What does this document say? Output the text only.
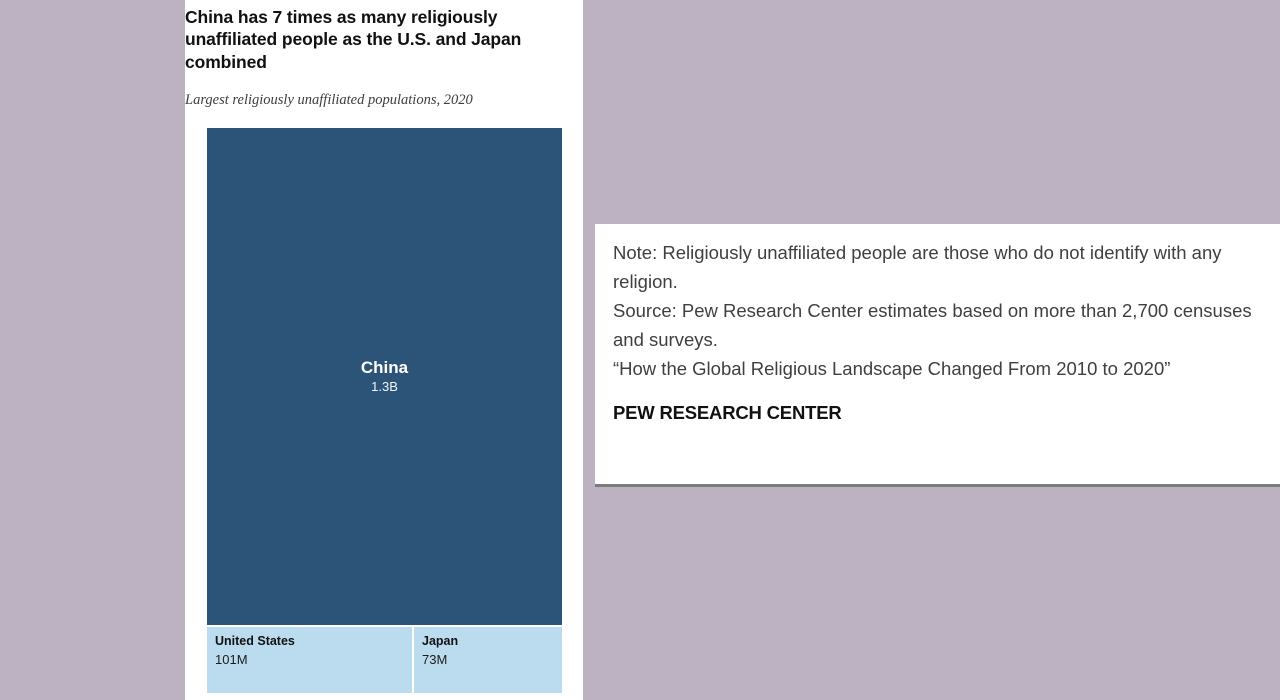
China has 7 times as many religiously unaffiliated people as the U.S. and Japan combined
Largest religiously unaffiliated populations, 2020
China
1.3B
United States
101M
Japan
73M
Note: Religiously unaffiliated people are those who do not identify with any religion.
Source: Pew Research Center estimates based on more than 2,700 censuses and surveys.
“How the Global Religious Landscape Changed From 2010 to 2020”
PEW RESEARCH CENTER
